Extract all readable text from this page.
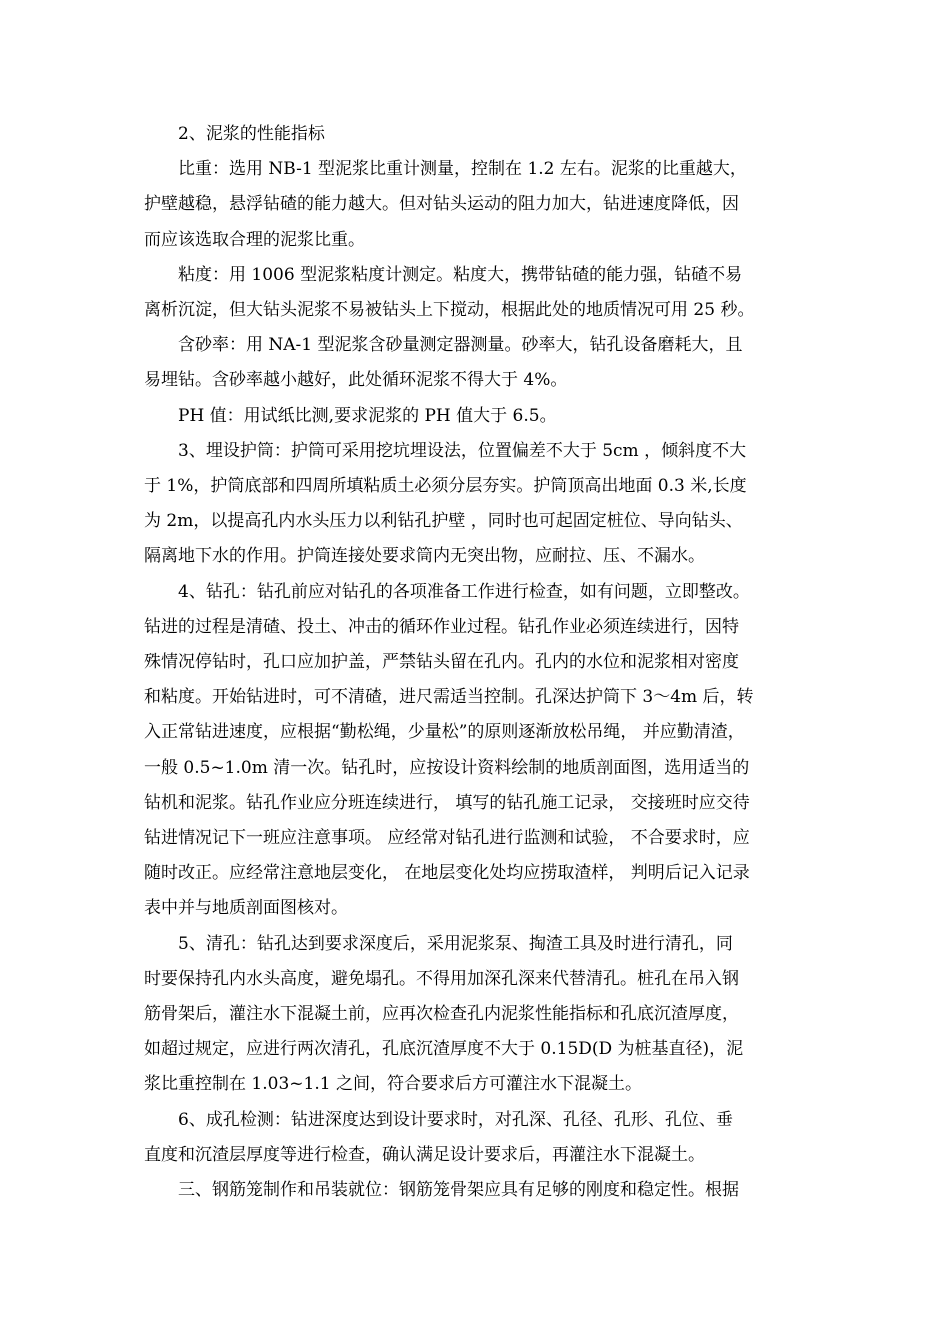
2、泥浆的性能指标

比重：选用 NB-1 型泥浆比重计测量，控制在 1.2 左右。泥浆的比重越大，
护壁越稳，悬浮钻碴的能力越大。但对钻头运动的阻力加大，钻进速度降低，因
而应该选取合理的泥浆比重。

粘度：用 1006 型泥浆粘度计测定。粘度大，携带钻碴的能力强，钻碴不易
离析沉淀，但大钻头泥浆不易被钻头上下搅动，根据此处的地质情况可用 25 秒。

含砂率：用 NA-1 型泥浆含砂量测定器测量。砂率大，钻孔设备磨耗大，且
易埋钻。含砂率越小越好，此处循环泥浆不得大于 4%。

PH 值：用试纸比测,要求泥浆的 PH 值大于 6.5。

3、埋设护筒：护筒可采用挖坑埋设法，位置偏差不大于 5cm ，倾斜度不大
于 1%，护筒底部和四周所填粘质土必须分层夯实。护筒顶高出地面 0.3 米,长度
为 2m，以提高孔内水头压力以利钻孔护壁 ，同时也可起固定桩位、导向钻头、
隔离地下水的作用。护筒连接处要求筒内无突出物，应耐拉、压、不漏水。

4、钻孔：钻孔前应对钻孔的各项准备工作进行检查，如有问题，立即整改。
钻进的过程是清碴、投土、冲击的循环作业过程。钻孔作业必须连续进行，因特
殊情况停钻时，孔口应加护盖，严禁钻头留在孔内。孔内的水位和泥浆相对密度
和粘度。开始钻进时，可不清碴，进尺需适当控制。孔深达护筒下 3～4m 后，转
入正常钻进速度，应根据“勤松绳，少量松”的原则逐渐放松吊绳， 并应勤清渣，
一般 0.5~1.0m 清一次。钻孔时，应按设计资料绘制的地质剖面图，选用适当的
钻机和泥浆。钻孔作业应分班连续进行， 填写的钻孔施工记录， 交接班时应交待
钻进情况记下一班应注意事项。 应经常对钻孔进行监测和试验， 不合要求时，应
随时改正。应经常注意地层变化， 在地层变化处均应捞取渣样， 判明后记入记录
表中并与地质剖面图核对。

5、清孔：钻孔达到要求深度后，采用泥浆泵、掏渣工具及时进行清孔，同
时要保持孔内水头高度，避免塌孔。不得用加深孔深来代替清孔。桩孔在吊入钢
筋骨架后，灌注水下混凝土前，应再次检查孔内泥浆性能指标和孔底沉渣厚度，
如超过规定，应进行两次清孔，孔底沉渣厚度不大于 0.15D(D 为桩基直径)，泥
浆比重控制在 1.03~1.1 之间，符合要求后方可灌注水下混凝土。

6、成孔检测：钻进深度达到设计要求时，对孔深、孔径、孔形、孔位、垂
直度和沉渣层厚度等进行检查，确认满足设计要求后，再灌注水下混凝土。

三、钢筋笼制作和吊装就位：钢筋笼骨架应具有足够的刚度和稳定性。根据
